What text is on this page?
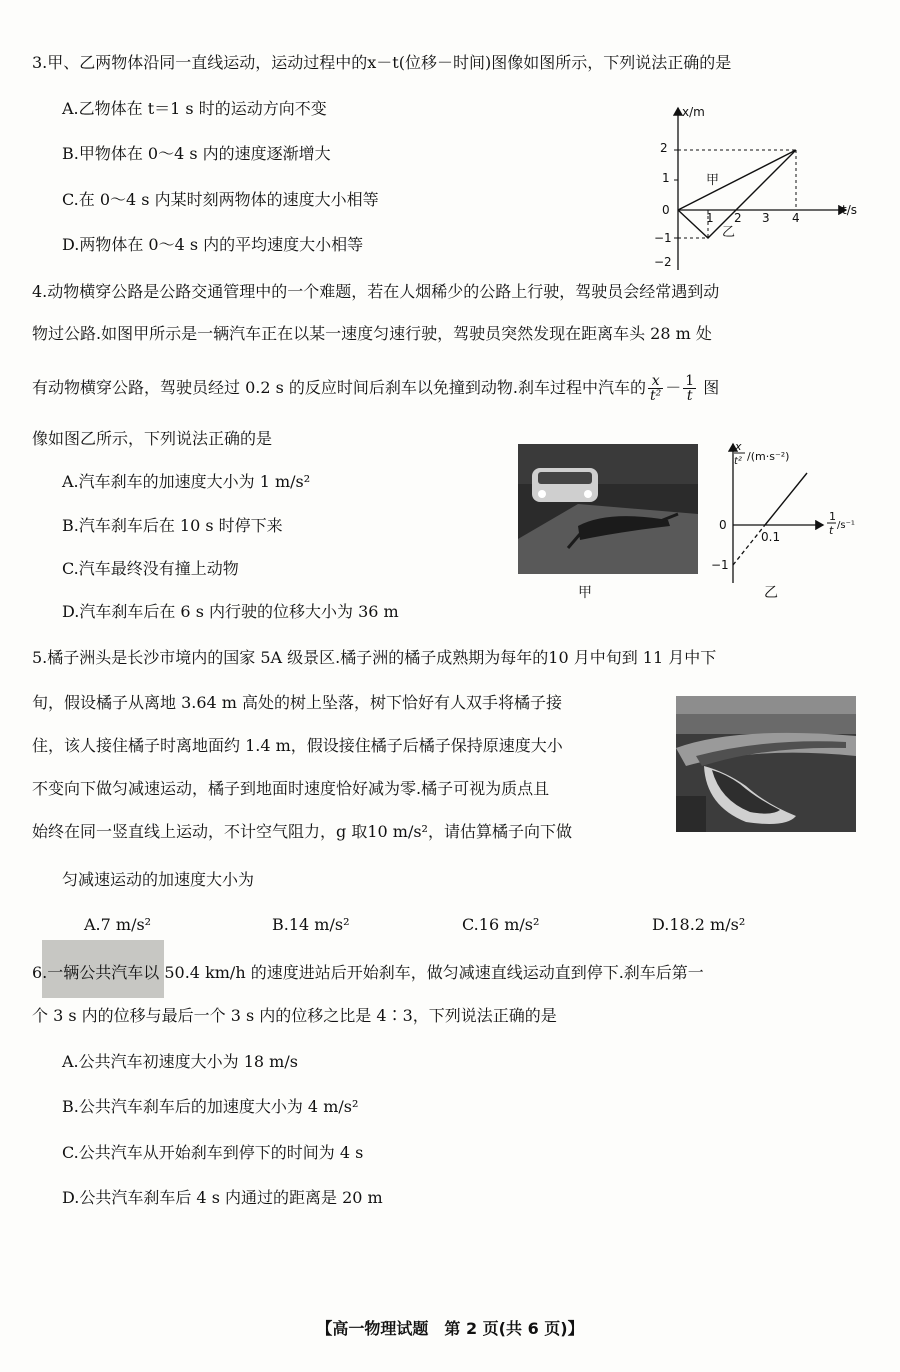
3.甲、乙两物体沿同一直线运动，运动过程中的x－t(位移－时间)图像如图所示，下列说法正确的是
A.乙物体在 t＝1 s 时的运动方向不变
B.甲物体在 0～4 s 内的速度逐渐增大
C.在 0～4 s 内某时刻两物体的速度大小相等
D.两物体在 0～4 s 内的平均速度大小相等
x/m
t/s
2
1
0
−1
−2
1 2 3 4
甲
乙
4.动物横穿公路是公路交通管理中的一个难题，若在人烟稀少的公路上行驶，驾驶员会经常遇到动
物过公路.如图甲所示是一辆汽车正在以某一速度匀速行驶，驾驶员突然发现在距离车头 28 m 处
有动物横穿公路，驾驶员经过 0.2 s 的反应时间后刹车以免撞到动物.刹车过程中汽车的 $\frac{x}{\text{t²}} - \frac{1}{t}$ 图
像如图乙所示，下列说法正确的是
A.汽车刹车的加速度大小为 1 m/s²
B.汽车刹车后在 10 s 时停下来
C.汽车最终没有撞上动物
D.汽车刹车后在 6 s 内行驶的位移大小为 36 m
甲
x
t² /(m·s⁻²)
1
t /s⁻¹
0
0.1
−1
乙
5.橘子洲头是长沙市境内的国家 5A 级景区.橘子洲的橘子成熟期为每年的10 月中旬到 11 月中下
旬，假设橘子从离地 3.64 m 高处的树上坠落，树下恰好有人双手将橘子接
住，该人接住橘子时离地面约 1.4 m，假设接住橘子后橘子保持原速度大小
不变向下做匀减速运动，橘子到地面时速度恰好减为零.橘子可视为质点且
始终在同一竖直线上运动，不计空气阻力，g 取10 m/s²，请估算橘子向下做
匀减速运动的加速度大小为
A.7 m/s²	B.14 m/s²	C.16 m/s²	D.18.2 m/s²
6.一辆公共汽车以 50.4 km/h 的速度进站后开始刹车，做匀减速直线运动直到停下.刹车后第一
个 3 s 内的位移与最后一个 3 s 内的位移之比是 4∶3，下列说法正确的是
A.公共汽车初速度大小为 18 m/s
B.公共汽车刹车后的加速度大小为 4 m/s²
C.公共汽车从开始刹车到停下的时间为 4 s
D.公共汽车刹车后 4 s 内通过的距离是 20 m
【高一物理试题　第 2 页(共 6 页)】
